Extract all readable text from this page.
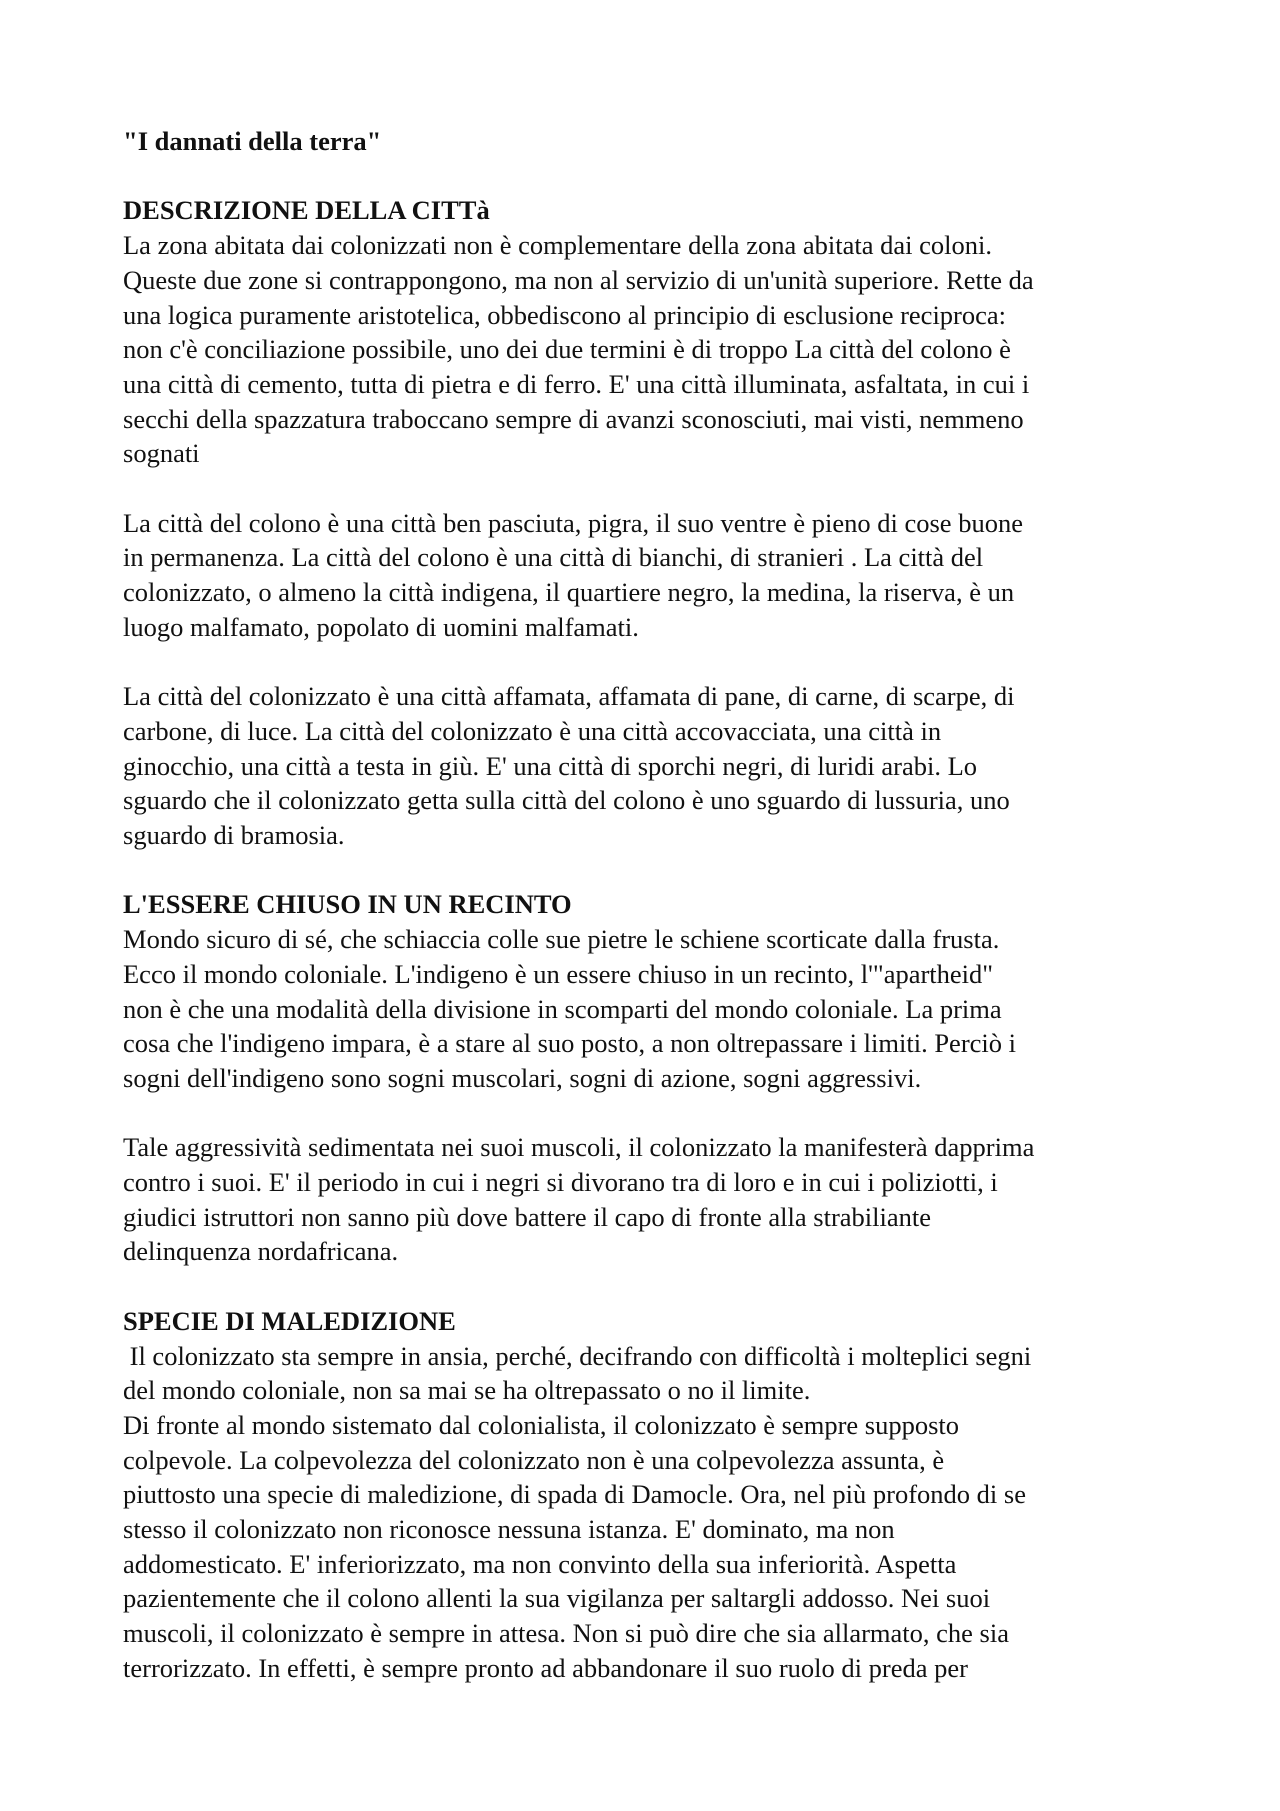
"I dannati della terra"
DESCRIZIONE DELLA CITTà

La zona abitata dai colonizzati non è complementare della zona abitata dai coloni.
Queste due zone si contrappongono, ma non al servizio di un'unità superiore. Rette da
una logica puramente aristotelica, obbediscono al principio di esclusione reciproca:
non c'è conciliazione possibile, uno dei due termini è di troppo La città del colono è
una città di cemento, tutta di pietra e di ferro. E' una città illuminata, asfaltata, in cui i
secchi della spazzatura traboccano sempre di avanzi sconosciuti, mai visti, nemmeno
sognati

La città del colono è una città ben pasciuta, pigra, il suo ventre è pieno di cose buone
in permanenza. La città del colono è una città di bianchi, di stranieri . La città del
colonizzato, o almeno la città indigena, il quartiere negro, la medina, la riserva, è un
luogo malfamato, popolato di uomini malfamati.

La città del colonizzato è una città affamata, affamata di pane, di carne, di scarpe, di
carbone, di luce. La città del colonizzato è una città accovacciata, una città in
ginocchio, una città a testa in giù. E' una città di sporchi negri, di luridi arabi. Lo
sguardo che il colonizzato getta sulla città del colono è uno sguardo di lussuria, uno
sguardo di bramosia.

L'ESSERE CHIUSO IN UN RECINTO

Mondo sicuro di sé, che schiaccia colle sue pietre le schiene scorticate dalla frusta.
Ecco il mondo coloniale. L'indigeno è un essere chiuso in un recinto, l'"apartheid"
non è che una modalità della divisione in scomparti del mondo coloniale. La prima
cosa che l'indigeno impara, è a stare al suo posto, a non oltrepassare i limiti. Perciò i
sogni dell'indigeno sono sogni muscolari, sogni di azione, sogni aggressivi.

Tale aggressività sedimentata nei suoi muscoli, il colonizzato la manifesterà dapprima
contro i suoi. E' il periodo in cui i negri si divorano tra di loro e in cui i poliziotti, i
giudici istruttori non sanno più dove battere il capo di fronte alla strabiliante
delinquenza nordafricana.

SPECIE DI MALEDIZIONE

Il colonizzato sta sempre in ansia, perché, decifrando con difficoltà i molteplici segni
del mondo coloniale, non sa mai se ha oltrepassato o no il limite.
Di fronte al mondo sistemato dal colonialista, il colonizzato è sempre supposto
colpevole. La colpevolezza del colonizzato non è una colpevolezza assunta, è
piuttosto una specie di maledizione, di spada di Damocle. Ora, nel più profondo di se
stesso il colonizzato non riconosce nessuna istanza. E' dominato, ma non
addomesticato. E' inferiorizzato, ma non convinto della sua inferiorità. Aspetta
pazientemente che il colono allenti la sua vigilanza per saltargli addosso. Nei suoi
muscoli, il colonizzato è sempre in attesa. Non si può dire che sia allarmato, che sia
terrorizzato. In effetti, è sempre pronto ad abbandonare il suo ruolo di preda per
